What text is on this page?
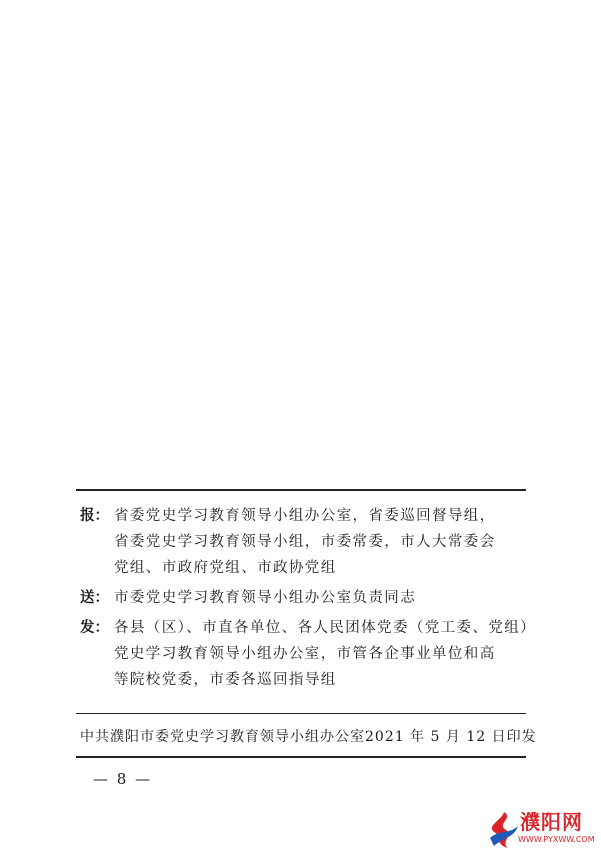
报： 省委党史学习教育领导小组办公室，省委巡回督导组，
省委党史学习教育领导小组，市委常委，市人大常委会
党组、市政府党组、市政协党组
送： 市委党史学习教育领导小组办公室负责同志
发： 各县（区）、市直各单位、各人民团体党委（党工委、党组）
党史学习教育领导小组办公室，市管各企事业单位和高
等院校党委，市委各巡回指导组
中共濮阳市委党史学习教育领导小组办公室 2021 年 5 月 12 日印发
— 8 —
濮阳网
WWW.PYXWW.COM
